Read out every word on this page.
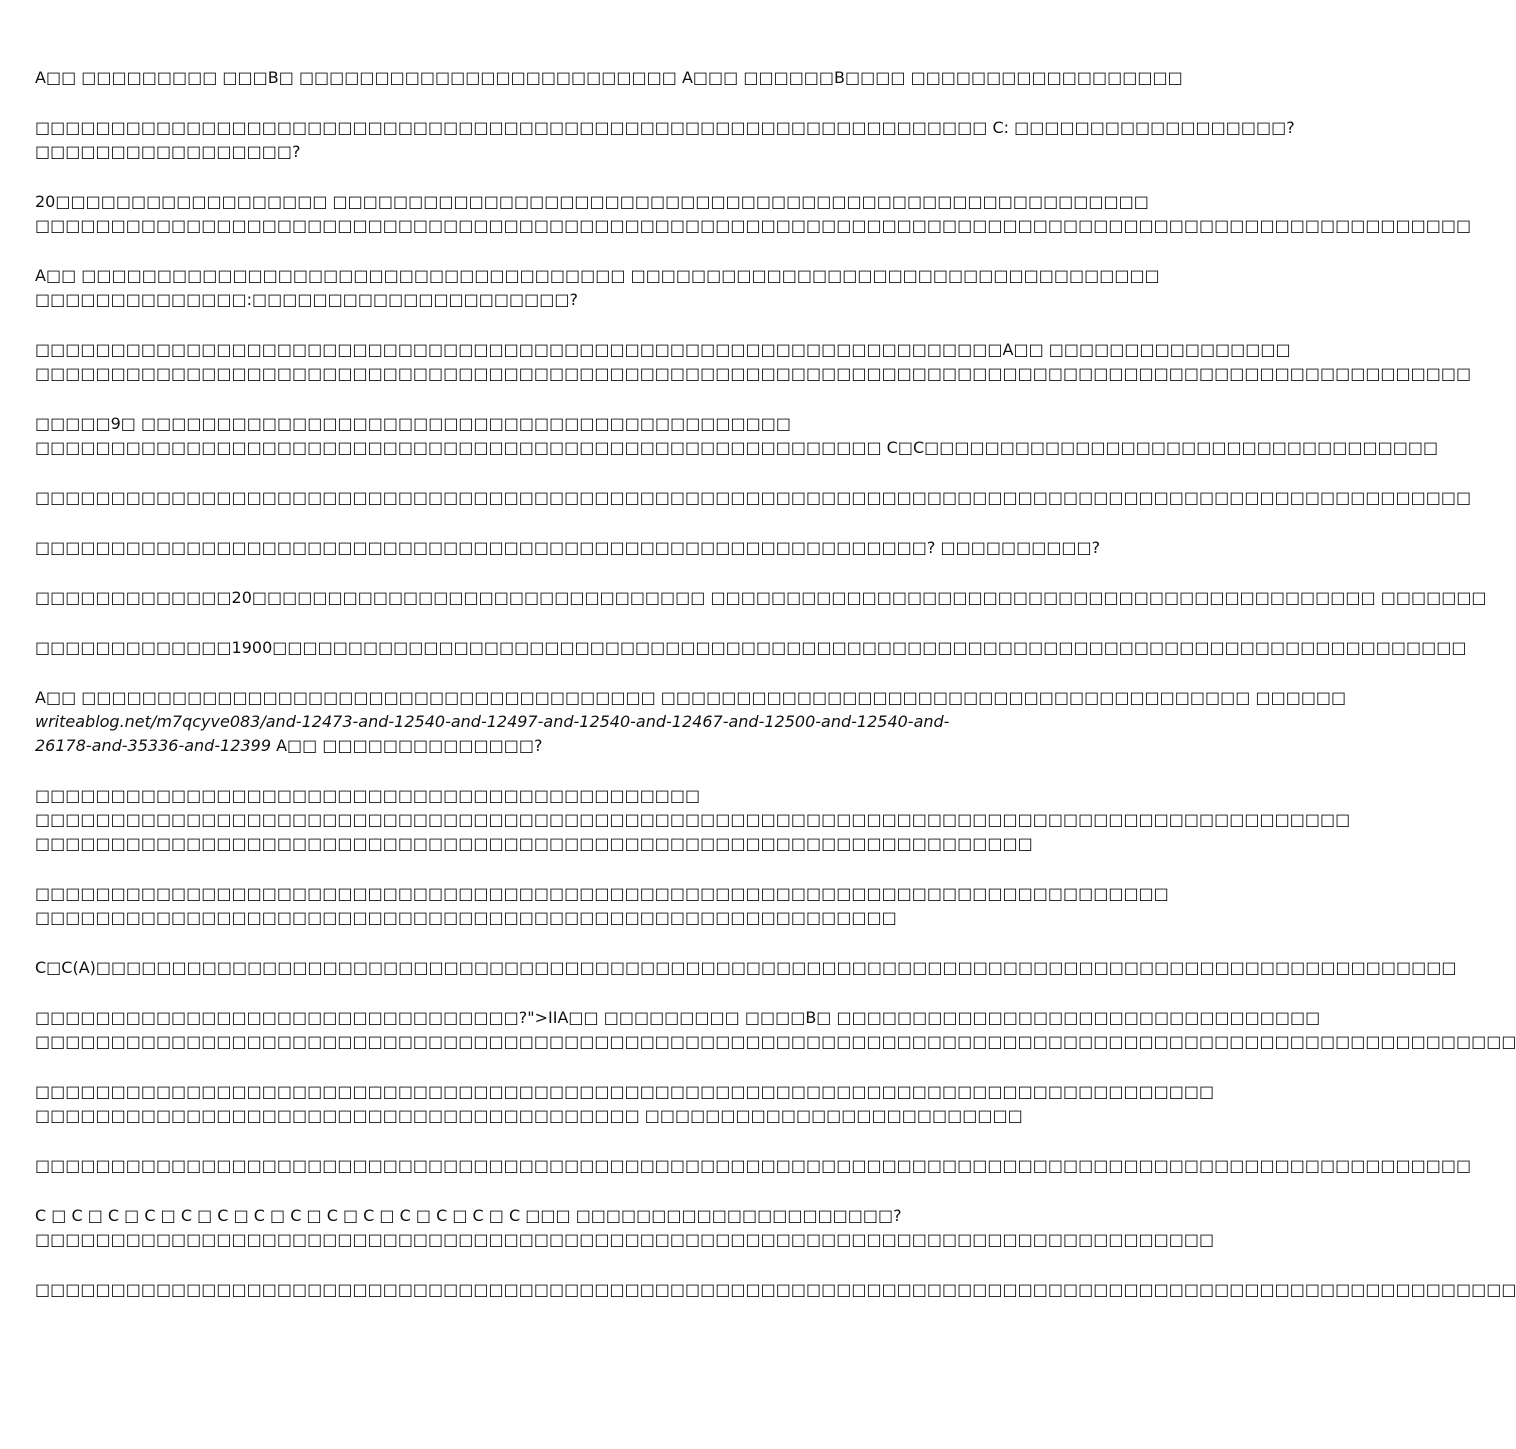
A□□ □□□□□□□□□ □□□B□ □□□□□□□□□□□□□□□□□□□□□□□□□ A□□□ □□□□□□B□□□□ □□□□□□□□□□□□□□□□□□

□□□□□□□□□□□□□□□□□□□□□□□□□□□□□□□□□□□□□□□□□□□□□□□□□□□□□□□□□□□□□□□ C: □□□□□□□□□□□□□□□□□□?
□□□□□□□□□□□□□□□□□?

20□□□□□□□□□□□□□□□□□□ □□□□□□□□□□□□□□□□□□□□□□□□□□□□□□□□□□□□□□□□□□□□□□□□□□□□□□
□□□□□□□□□□□□□□□□□□□□□□□□□□□□□□□□□□□□□□□□□□□□□□□□□□□□□□□□□□□□□□□□□□□□□□□□□□□□□□□□□□□□□□□□□□□□□□□

A□□ □□□□□□□□□□□□□□□□□□□□□□□□□□□□□□□□□□□□ □□□□□□□□□□□□□□□□□□□□□□□□□□□□□□□□□□□
□□□□□□□□□□□□□□:□□□□□□□□□□□□□□□□□□□□□?

□□□□□□□□□□□□□□□□□□□□□□□□□□□□□□□□□□□□□□□□□□□□□□□□□□□□□□□□□□□□□□□□A□□ □□□□□□□□□□□□□□□□
□□□□□□□□□□□□□□□□□□□□□□□□□□□□□□□□□□□□□□□□□□□□□□□□□□□□□□□□□□□□□□□□□□□□□□□□□□□□□□□□□□□□□□□□□□□□□□□

□□□□□9□ □□□□□□□□□□□□□□□□□□□□□□□□□□□□□□□□□□□□□□□□□□□
□□□□□□□□□□□□□□□□□□□□□□□□□□□□□□□□□□□□□□□□□□□□□□□□□□□□□□□□ C□C□□□□□□□□□□□□□□□□□□□□□□□□□□□□□□□□□□

□□□□□□□□□□□□□□□□□□□□□□□□□□□□□□□□□□□□□□□□□□□□□□□□□□□□□□□□□□□□□□□□□□□□□□□□□□□□□□□□□□□□□□□□□□□□□□□

□□□□□□□□□□□□□□□□□□□□□□□□□□□□□□□□□□□□□□□□□□□□□□□□□□□□□□□□□□□? □□□□□□□□□□?

□□□□□□□□□□□□□20□□□□□□□□□□□□□□□□□□□□□□□□□□□□□□ □□□□□□□□□□□□□□□□□□□□□□□□□□□□□□□□□□□□□□□□□□□□ □□□□□□□

□□□□□□□□□□□□□1900□□□□□□□□□□□□□□□□□□□□□□□□□□□□□□□□□□□□□□□□□□□□□□□□□□□□□□□□□□□□□□□□□□□□□□□□□□□□□□□

A□□ □□□□□□□□□□□□□□□□□□□□□□□□□□□□□□□□□□□□□□ □□□□□□□□□□□□□□□□□□□□□□□□□□□□□□□□□□□□□□□ □□□□□□
writeablog.net/m7qcyve083/and-12473-and-12540-and-12497-and-12540-and-12467-and-12500-and-12540-and-
26178-and-35336-and-12399 A□□ □□□□□□□□□□□□□□?

□□□□□□□□□□□□□□□□□□□□□□□□□□□□□□□□□□□□□□□□□□□□
□□□□□□□□□□□□□□□□□□□□□□□□□□□□□□□□□□□□□□□□□□□□□□□□□□□□□□□□□□□□□□□□□□□□□□□□□□□□□□□□□□□□□□□
□□□□□□□□□□□□□□□□□□□□□□□□□□□□□□□□□□□□□□□□□□□□□□□□□□□□□□□□□□□□□□□□□□

□□□□□□□□□□□□□□□□□□□□□□□□□□□□□□□□□□□□□□□□□□□□□□□□□□□□□□□□□□□□□□□□□□□□□□□□□□□
□□□□□□□□□□□□□□□□□□□□□□□□□□□□□□□□□□□□□□□□□□□□□□□□□□□□□□□□□

C□C(A)□□□□□□□□□□□□□□□□□□□□□□□□□□□□□□□□□□□□□□□□□□□□□□□□□□□□□□□□□□□□□□□□□□□□□□□□□□□□□□□□□□□□□□□□□□

□□□□□□□□□□□□□□□□□□□□□□□□□□□□□□□□?">IIA□□ □□□□□□□□□ □□□□B□ □□□□□□□□□□□□□□□□□□□□□□□□□□□□□□□□
□□□□□□□□□□□□□□□□□□□□□□□□□□□□□□□□□□□□□□□□□□□□□□□□□□□□□□□□□□□□□□□□□□□□□□□□□□□□□□□□□□□□□□□□□□□□□□□□□□

□□□□□□□□□□□□□□□□□□□□□□□□□□□□□□□□□□□□□□□□□□□□□□□□□□□□□□□□□□□□□□□□□□□□□□□□□□□□□□
□□□□□□□□□□□□□□□□□□□□□□□□□□□□□□□□□□□□□□□□ □□□□□□□□□□□□□□□□□□□□□□□□□

□□□□□□□□□□□□□□□□□□□□□□□□□□□□□□□□□□□□□□□□□□□□□□□□□□□□□□□□□□□□□□□□□□□□□□□□□□□□□□□□□□□□□□□□□□□□□□□

C □ C □ C □ C □ C □ C □ C □ C □ C □ C □ C □ C □ C □ C □□□ □□□□□□□□□□□□□□□□□□□□□?
□□□□□□□□□□□□□□□□□□□□□□□□□□□□□□□□□□□□□□□□□□□□□□□□□□□□□□□□□□□□□□□□□□□□□□□□□□□□□□

□□□□□□□□□□□□□□□□□□□□□□□□□□□□□□□□□□□□□□□□□□□□□□□□□□□□□□□□□□□□□□□□□□□□□□□□□□□□□□□□□□□□□□□□□□□□□□□□□□
